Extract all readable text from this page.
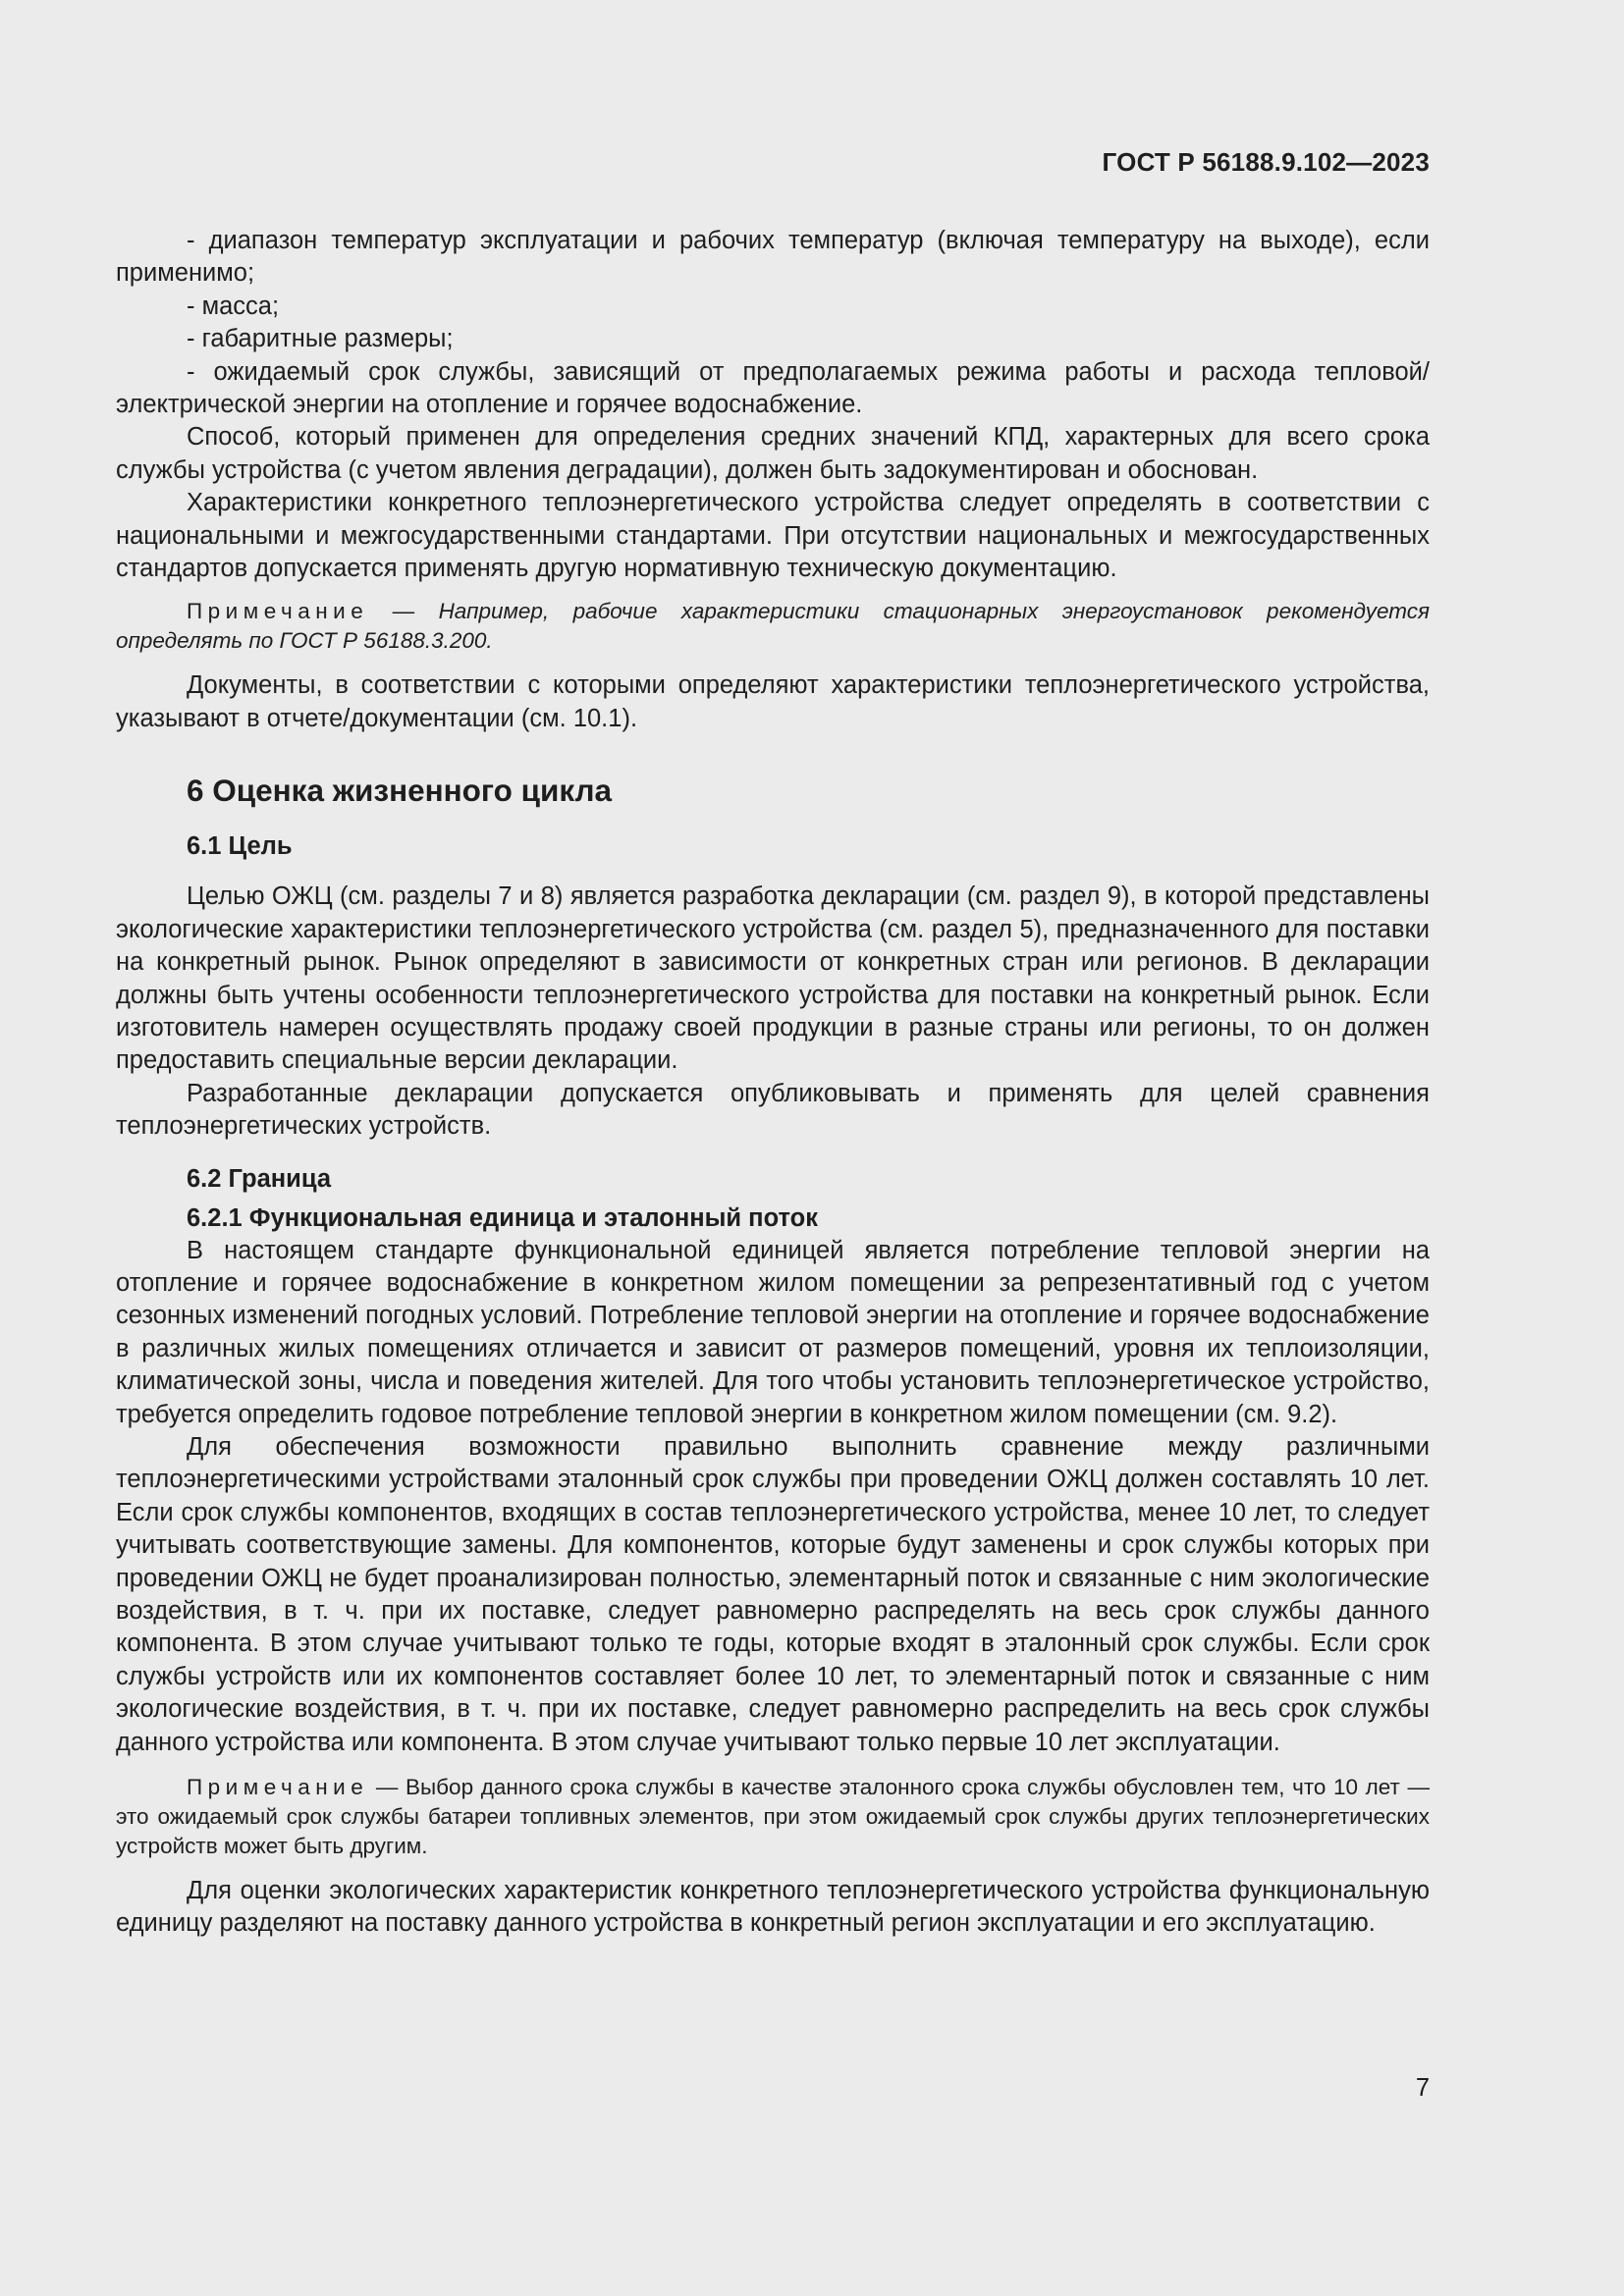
ГОСТ Р 56188.9.102—2023

- диапазон температур эксплуатации и рабочих температур (включая температуру на выходе), если применимо;

- масса;

- габаритные размеры;

- ожидаемый срок службы, зависящий от предполагаемых режима работы и расхода тепловой/электрической энергии на отопление и горячее водоснабжение.

Способ, который применен для определения средних значений КПД, характерных для всего срока службы устройства (с учетом явления деградации), должен быть задокументирован и обоснован.

Характеристики конкретного теплоэнергетического устройства следует определять в соответствии с национальными и межгосударственными стандартами. При отсутствии национальных и межгосударственных стандартов допускается применять другую нормативную техническую документацию.

Примечание — Например, рабочие характеристики стационарных энергоустановок рекомендуется определять по ГОСТ Р 56188.3.200.

Документы, в соответствии с которыми определяют характеристики теплоэнергетического устройства, указывают в отчете/документации (см. 10.1).

6 Оценка жизненного цикла
6.1 Цель

Целью ОЖЦ (см. разделы 7 и 8) является разработка декларации (см. раздел 9), в которой представлены экологические характеристики теплоэнергетического устройства (см. раздел 5), предназначенного для поставки на конкретный рынок. Рынок определяют в зависимости от конкретных стран или регионов. В декларации должны быть учтены особенности теплоэнергетического устройства для поставки на конкретный рынок. Если изготовитель намерен осуществлять продажу своей продукции в разные страны или регионы, то он должен предоставить специальные версии декларации.

Разработанные декларации допускается опубликовывать и применять для целей сравнения теплоэнергетических устройств.

6.2 Граница
6.2.1 Функциональная единица и эталонный поток

В настоящем стандарте функциональной единицей является потребление тепловой энергии на отопление и горячее водоснабжение в конкретном жилом помещении за репрезентативный год с учетом сезонных изменений погодных условий. Потребление тепловой энергии на отопление и горячее водоснабжение в различных жилых помещениях отличается и зависит от размеров помещений, уровня их теплоизоляции, климатической зоны, числа и поведения жителей. Для того чтобы установить теплоэнергетическое устройство, требуется определить годовое потребление тепловой энергии в конкретном жилом помещении (см. 9.2).

Для обеспечения возможности правильно выполнить сравнение между различными теплоэнергетическими устройствами эталонный срок службы при проведении ОЖЦ должен составлять 10 лет. Если срок службы компонентов, входящих в состав теплоэнергетического устройства, менее 10 лет, то следует учитывать соответствующие замены. Для компонентов, которые будут заменены и срок службы которых при проведении ОЖЦ не будет проанализирован полностью, элементарный поток и связанные с ним экологические воздействия, в т. ч. при их поставке, следует равномерно распределять на весь срок службы данного компонента. В этом случае учитывают только те годы, которые входят в эталонный срок службы. Если срок службы устройств или их компонентов составляет более 10 лет, то элементарный поток и связанные с ним экологические воздействия, в т. ч. при их поставке, следует равномерно распределить на весь срок службы данного устройства или компонента. В этом случае учитывают только первые 10 лет эксплуатации.

Примечание — Выбор данного срока службы в качестве эталонного срока службы обусловлен тем, что 10 лет — это ожидаемый срок службы батареи топливных элементов, при этом ожидаемый срок службы других теплоэнергетических устройств может быть другим.

Для оценки экологических характеристик конкретного теплоэнергетического устройства функциональную единицу разделяют на поставку данного устройства в конкретный регион эксплуатации и его эксплуатацию.

7
